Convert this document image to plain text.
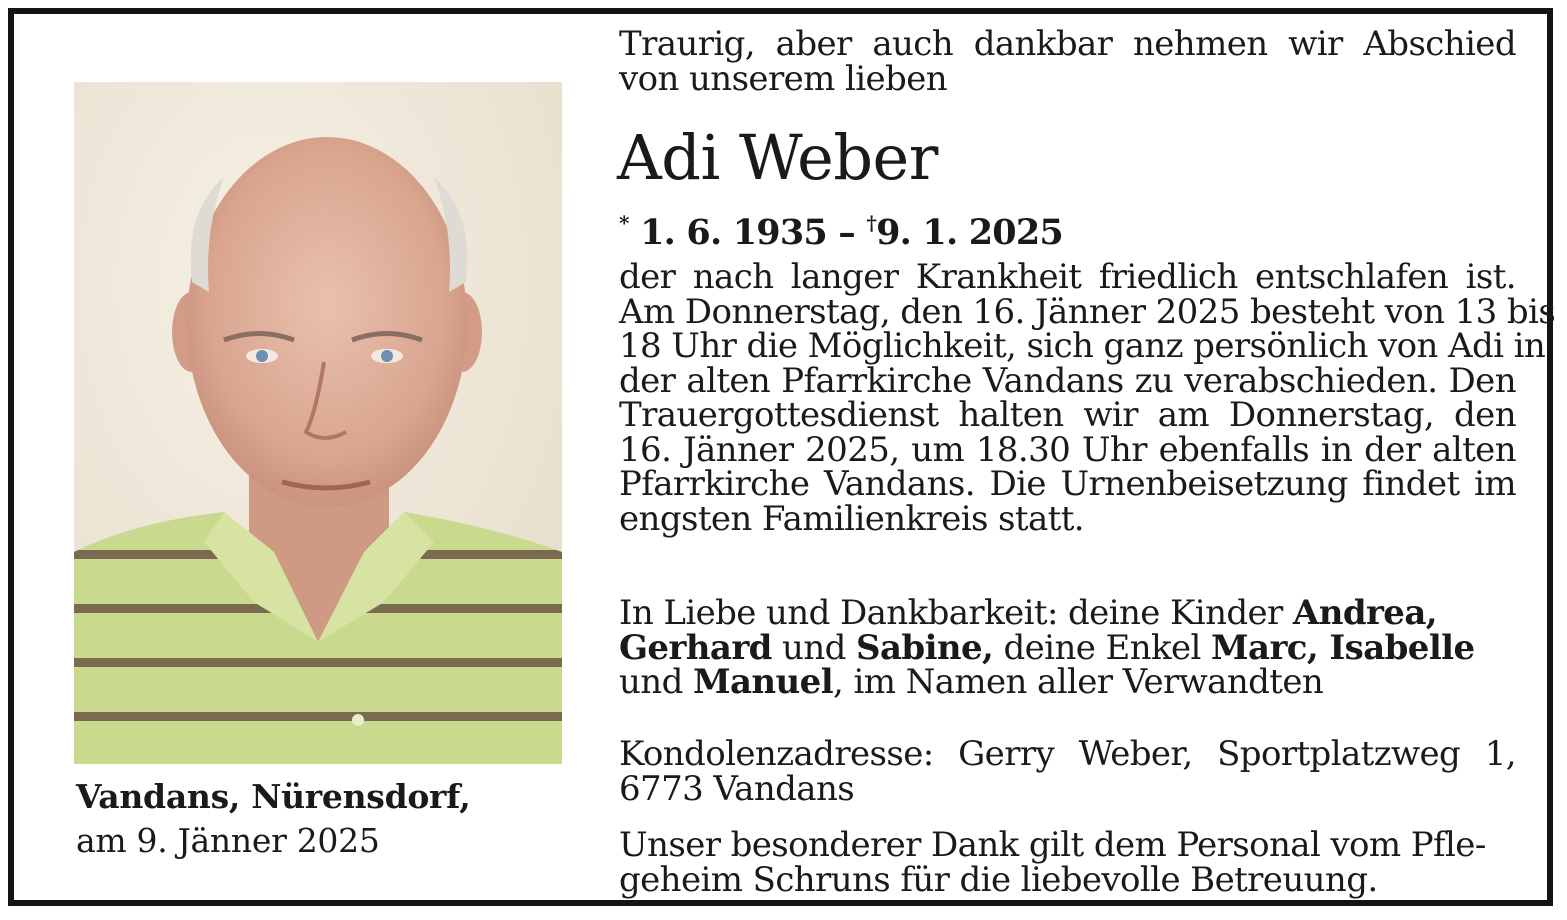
Vandans, Nürensdorf,
am 9. Jänner 2025
Traurig, aber auch dankbar nehmen wir Abschied
von unserem lieben
Adi Weber
* 1. 6. 1935 – †9. 1. 2025
der nach langer Krankheit friedlich entschlafen ist.
Am Donnerstag, den 16. Jänner 2025 besteht von 13 bis
18 Uhr die Möglichkeit, sich ganz persönlich von Adi in
der alten Pfarrkirche Vandans zu verabschieden. Den
Trauergottesdienst halten wir am Donnerstag, den
16. Jänner 2025, um 18.30 Uhr ebenfalls in der alten
Pfarrkirche Vandans. Die Urnenbeisetzung findet im
engsten Familienkreis statt.
In Liebe und Dankbarkeit: deine Kinder Andrea,
Gerhard und Sabine, deine Enkel Marc, Isabelle
und Manuel, im Namen aller Verwandten
Kondolenzadresse: Gerry Weber, Sportplatzweg 1,
6773 Vandans
Unser besonderer Dank gilt dem Personal vom Pfle-
geheim Schruns für die liebevolle Betreuung.
